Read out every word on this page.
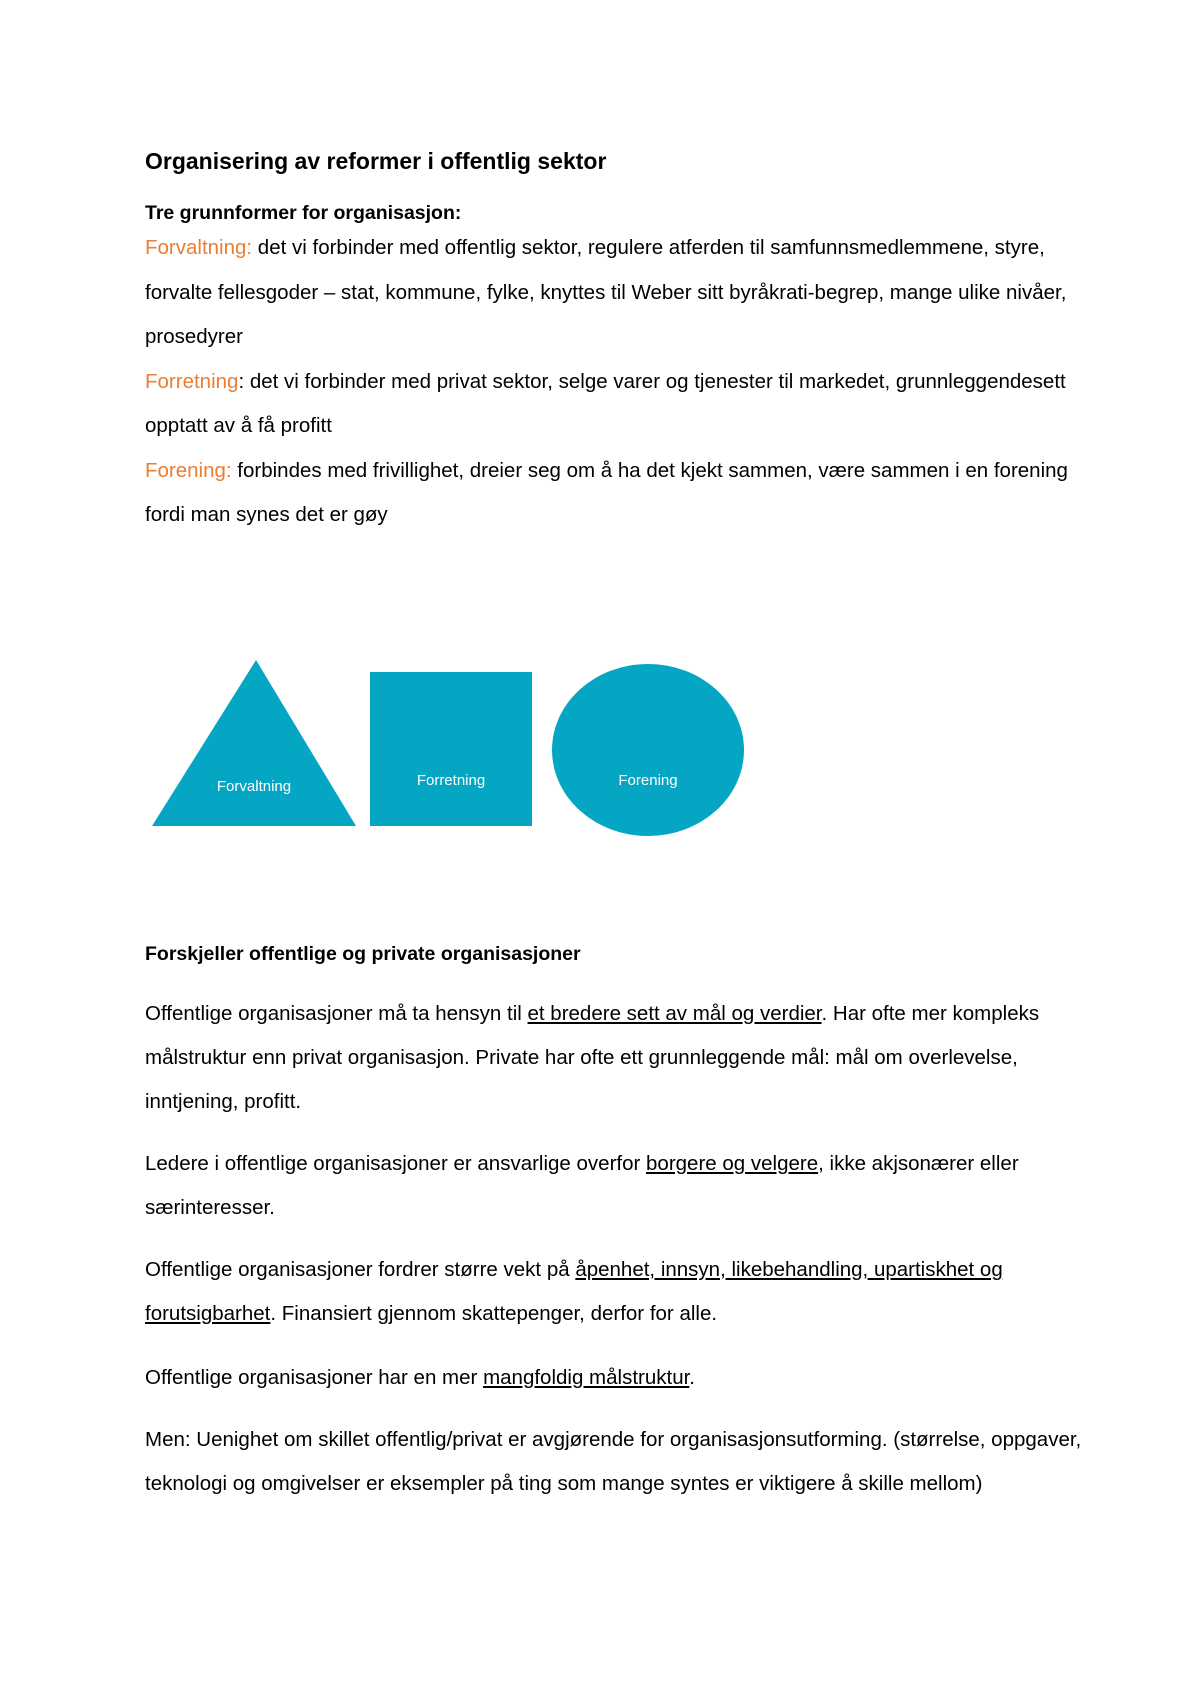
Organisering av reformer i offentlig sektor
Tre grunnformer for organisasjon:

Forvaltning: det vi forbinder med offentlig sektor, regulere atferden til samfunnsmedlemmene, styre, forvalte fellesgoder – stat, kommune, fylke, knyttes til Weber sitt byråkrati-begrep, mange ulike nivåer, prosedyrer

Forretning: det vi forbinder med privat sektor, selge varer og tjenester til markedet, grunnleggendesett opptatt av å få profitt

Forening: forbindes med frivillighet, dreier seg om å ha det kjekt sammen, være sammen i en forening fordi man synes det er gøy

Forvaltning	Forretning	Forening
Forskjeller offentlige og private organisasjoner

Offentlige organisasjoner må ta hensyn til et bredere sett av mål og verdier. Har ofte mer kompleks målstruktur enn privat organisasjon. Private har ofte ett grunnleggende mål: mål om overlevelse, inntjening, profitt.

Ledere i offentlige organisasjoner er ansvarlige overfor borgere og velgere, ikke akjsonærer eller særinteresser.

Offentlige organisasjoner fordrer større vekt på åpenhet, innsyn, likebehandling, upartiskhet og forutsigbarhet. Finansiert gjennom skattepenger, derfor for alle.

Offentlige organisasjoner har en mer mangfoldig målstruktur.

Men: Uenighet om skillet offentlig/privat er avgjørende for organisasjonsutforming. (størrelse, oppgaver, teknologi og omgivelser er eksempler på ting som mange syntes er viktigere å skille mellom)
